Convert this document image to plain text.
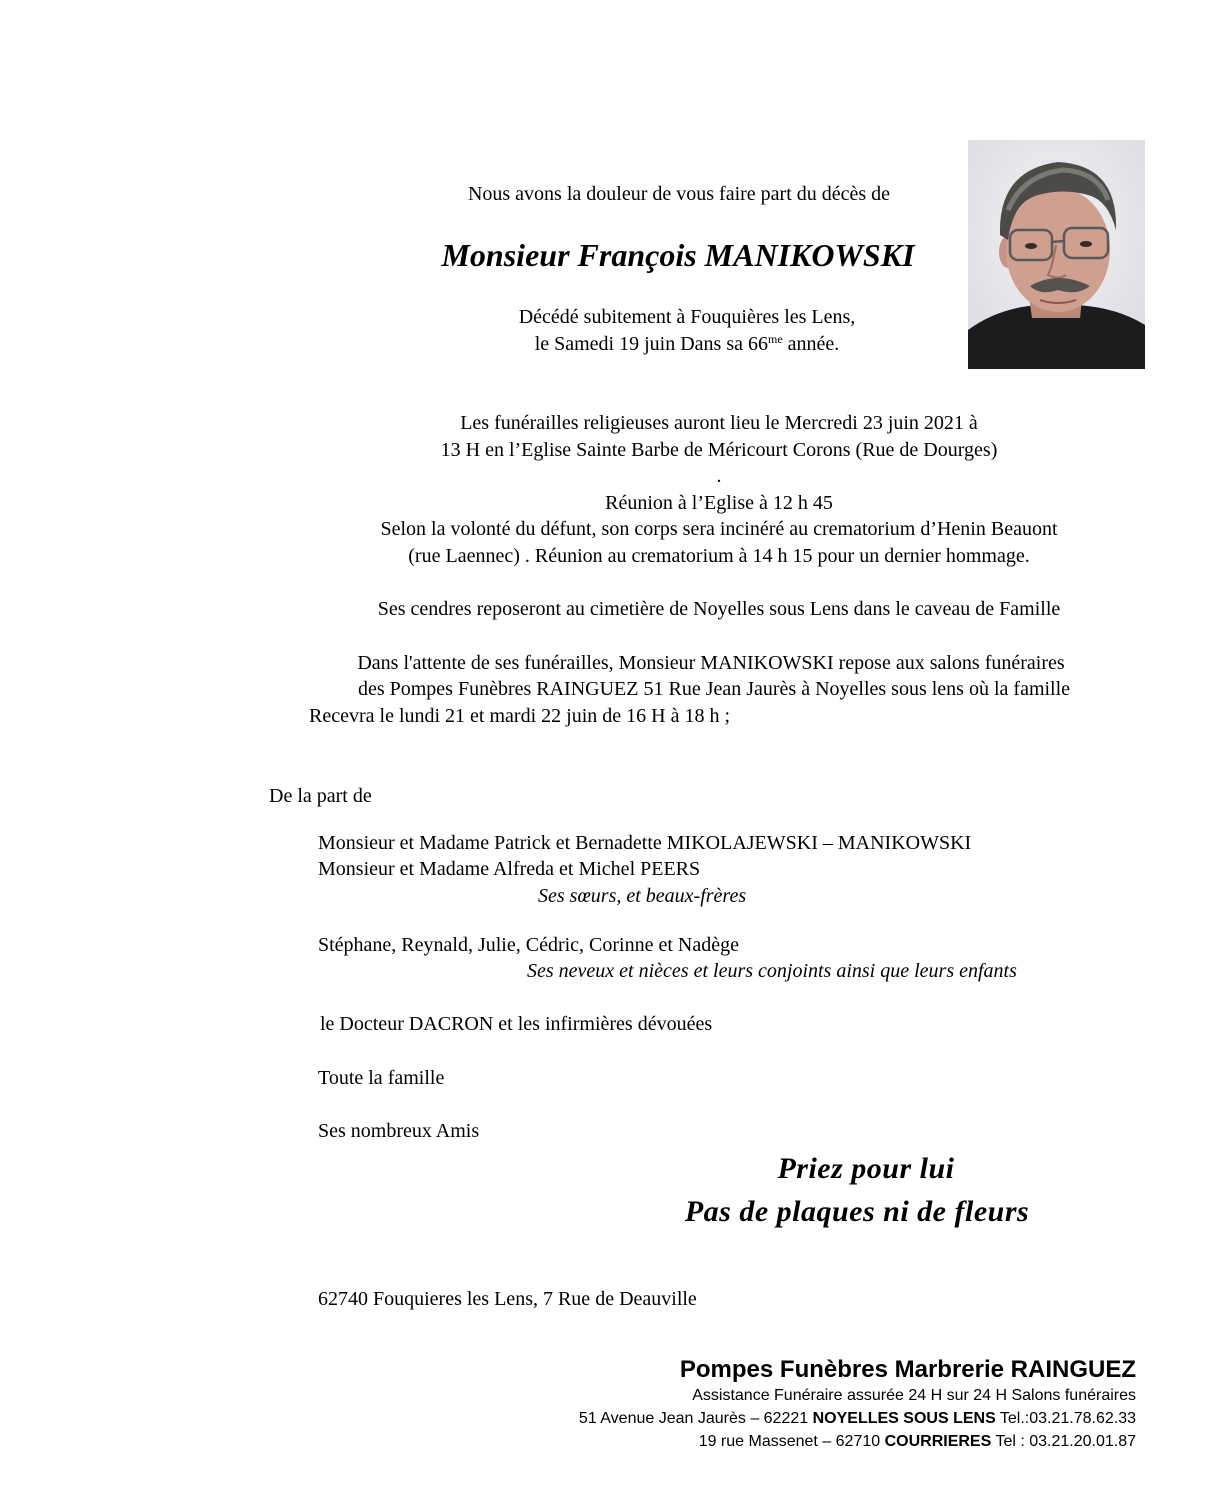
Nous avons la douleur de vous faire part du décès de
Monsieur François MANIKOWSKI
Décédé subitement à Fouquières les Lens,
le Samedi 19 juin Dans sa $66^{me}$ année.
Les funérailles religieuses auront lieu le Mercredi 23 juin 2021 à
13 H en l’Eglise Sainte Barbe de Méricourt Corons (Rue de Dourges)
.
Réunion à l’Eglise à 12 h 45
Selon la volonté du défunt, son corps sera incinéré au crematorium d’Henin Beauont
(rue Laennec) . Réunion au crematorium à 14 h 15 pour un dernier hommage.
Ses cendres reposeront au cimetière de Noyelles sous Lens dans le caveau de Famille
Dans l'attente de ses funérailles, Monsieur MANIKOWSKI repose aux salons funéraires
des Pompes Funèbres RAINGUEZ 51 Rue Jean Jaurès à Noyelles sous lens où la famille
Recevra le lundi 21 et mardi 22 juin de 16 H à 18 h ;
De la part de
Monsieur et Madame Patrick et Bernadette MIKOLAJEWSKI – MANIKOWSKI
Monsieur et Madame Alfreda et Michel PEERS
Ses sœurs, et beaux-frères
Stéphane, Reynald, Julie, Cédric, Corinne et Nadège
Ses neveux et nièces et leurs conjoints ainsi que leurs enfants
le Docteur DACRON et les infirmières dévouées
Toute la famille
Ses nombreux Amis
Priez pour lui
Pas de plaques ni de fleurs
62740 Fouquieres les Lens, 7 Rue de Deauville
Pompes Funèbres Marbrerie RAINGUEZ
Assistance Funéraire assurée 24 H sur 24 H Salons funéraires
51 Avenue Jean Jaurès – 62221 NOYELLES SOUS LENS Tel.:03.21.78.62.33
19 rue Massenet – 62710 COURRIERES Tel : 03.21.20.01.87
